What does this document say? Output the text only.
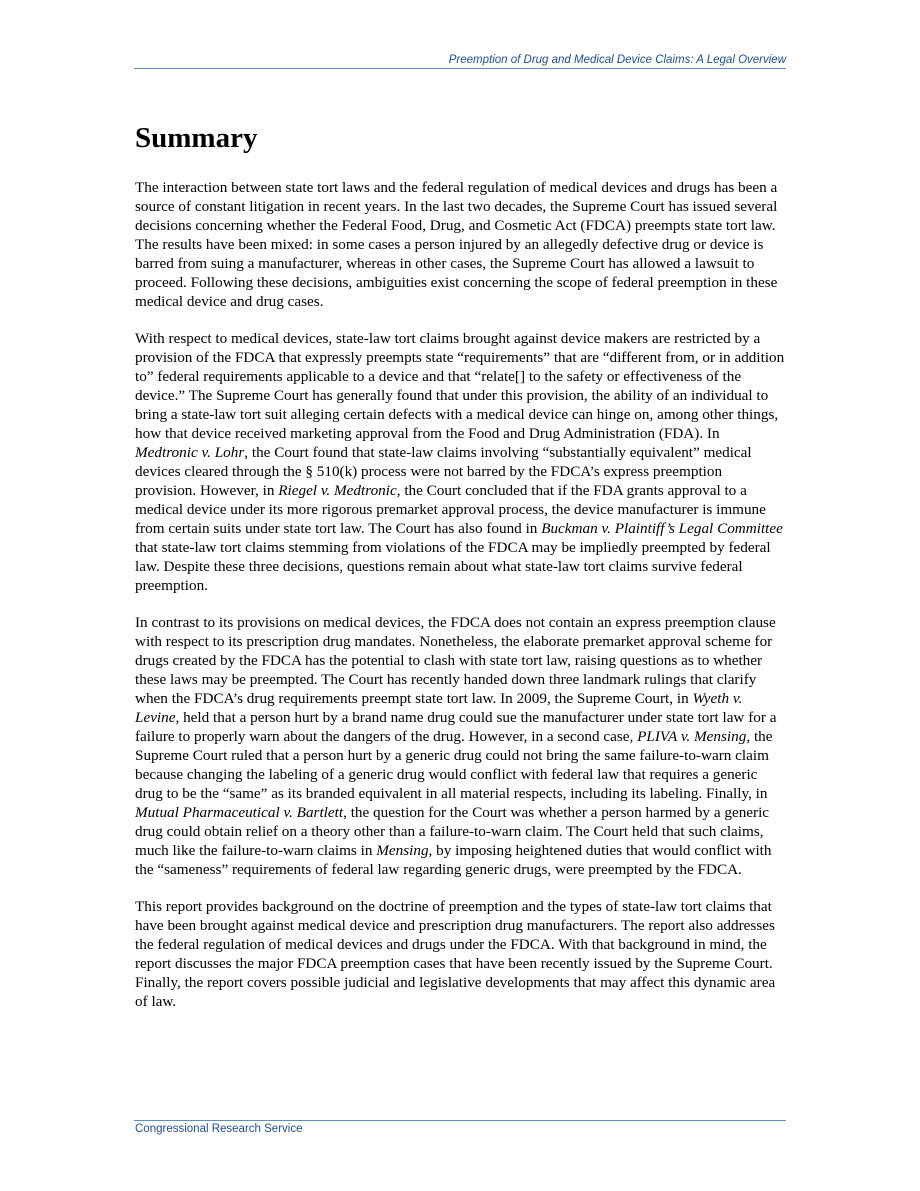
Preemption of Drug and Medical Device Claims: A Legal Overview
Summary

The interaction between state tort laws and the federal regulation of medical devices and drugs has been a source of constant litigation in recent years. In the last two decades, the Supreme Court has issued several decisions concerning whether the Federal Food, Drug, and Cosmetic Act (FDCA) preempts state tort law. The results have been mixed: in some cases a person injured by an allegedly defective drug or device is barred from suing a manufacturer, whereas in other cases, the Supreme Court has allowed a lawsuit to proceed. Following these decisions, ambiguities exist concerning the scope of federal preemption in these medical device and drug cases.

With respect to medical devices, state-law tort claims brought against device makers are restricted by a provision of the FDCA that expressly preempts state “requirements” that are “different from, or in addition to” federal requirements applicable to a device and that “relate[] to the safety or effectiveness of the device.” The Supreme Court has generally found that under this provision, the ability of an individual to bring a state-law tort suit alleging certain defects with a medical device can hinge on, among other things, how that device received marketing approval from the Food and Drug Administration (FDA). In Medtronic v. Lohr, the Court found that state-law claims involving “substantially equivalent” medical devices cleared through the § 510(k) process were not barred by the FDCA’s express preemption provision. However, in Riegel v. Medtronic, the Court concluded that if the FDA grants approval to a medical device under its more rigorous premarket approval process, the device manufacturer is immune from certain suits under state tort law. The Court has also found in Buckman v. Plaintiff’s Legal Committee that state-law tort claims stemming from violations of the FDCA may be impliedly preempted by federal law. Despite these three decisions, questions remain about what state-law tort claims survive federal preemption.

In contrast to its provisions on medical devices, the FDCA does not contain an express preemption clause with respect to its prescription drug mandates. Nonetheless, the elaborate premarket approval scheme for drugs created by the FDCA has the potential to clash with state tort law, raising questions as to whether these laws may be preempted. The Court has recently handed down three landmark rulings that clarify when the FDCA’s drug requirements preempt state tort law. In 2009, the Supreme Court, in Wyeth v. Levine, held that a person hurt by a brand name drug could sue the manufacturer under state tort law for a failure to properly warn about the dangers of the drug. However, in a second case, PLIVA v. Mensing, the Supreme Court ruled that a person hurt by a generic drug could not bring the same failure-to-warn claim because changing the labeling of a generic drug would conflict with federal law that requires a generic drug to be the “same” as its branded equivalent in all material respects, including its labeling. Finally, in Mutual Pharmaceutical v. Bartlett, the question for the Court was whether a person harmed by a generic drug could obtain relief on a theory other than a failure-to-warn claim. The Court held that such claims, much like the failure-to-warn claims in Mensing, by imposing heightened duties that would conflict with the “sameness” requirements of federal law regarding generic drugs, were preempted by the FDCA.

This report provides background on the doctrine of preemption and the types of state-law tort claims that have been brought against medical device and prescription drug manufacturers. The report also addresses the federal regulation of medical devices and drugs under the FDCA. With that background in mind, the report discusses the major FDCA preemption cases that have been recently issued by the Supreme Court. Finally, the report covers possible judicial and legislative developments that may affect this dynamic area of law.

Congressional Research Service
